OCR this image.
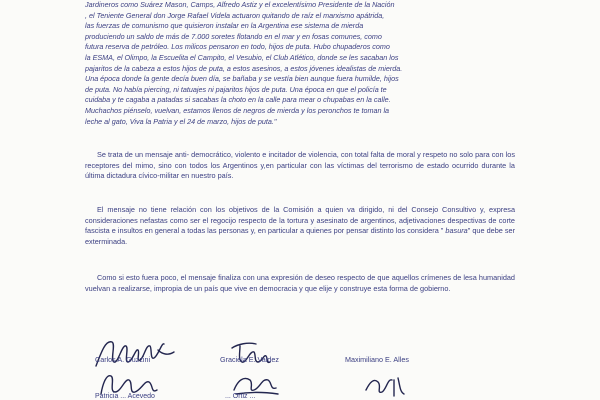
Jardineros como Suárez Mason, Camps, Alfredo Astiz y el excelentísimo Presidente de la Nación

, el Teniente General don Jorge Rafael Videla actuaron quitando de raíz el marxismo apátrida,

las fuerzas de comunismo que quisieron instalar en la Argentina ese sistema de mierda

produciendo un saldo de más de 7.000 soretes flotando en el mar y en fosas comunes, como

futura reserva de petróleo. Los milicos pensaron en todo, hijos de puta. Hubo chupaderos como

la ESMA, el Olimpo, la Escuelita el Campito, el Vesubio, el Club Atlético, donde se les sacaban los

pajaritos de la cabeza a estos hijos de puta, a estos asesinos, a estos jóvenes idealistas de mierda.

Una época donde la gente decía buen día, se bañaba y se vestía bien aunque fuera humilde, hijos

de puta. No había piercing, ni tatuajes ni pajaritos hijos de puta. Una época en que el policía te

cuidaba y te cagaba a patadas si sacabas la choto en la calle para mear o chupabas en la calle.

Muchachos piénselo, vuelvan, estamos llenos de negros de mierda y los peronchos te toman la

leche al gato, Viva la Patria y el 24 de marzo, hijos de puta."

Se trata de un mensaje anti- democrático, violento e incitador de violencia, con total falta de moral y respeto no solo para con los receptores del mimo, sino con todos los Argentinos y,en particular con las víctimas del terrorismo de estado ocurrido durante la última dictadura cívico-militar en nuestro país.

El mensaje no tiene relación con los objetivos de la Comisión a quien va dirigido, ni del Consejo Consultivo y, expresa consideraciones nefastas como ser el regocijo respecto de la tortura y asesinato de argentinos, adjetivaciones despectivas de corte fascista e insultos en general a todas las personas y, en particular a quienes por pensar distinto los considera " basura" que debe ser exterminada.

Como si esto fuera poco, el mensaje finaliza con una expresión de deseo respecto de que aquellos crímenes de lesa humanidad vuelvan a realizarse, impropia de un país que vive en democracia y que elije y construye esta forma de gobierno.

Carlos A. Guzzini	Graciela E. Valdez	Maximiliano E. Alles
Patricia ... Acevedo	... Ortiz ...
